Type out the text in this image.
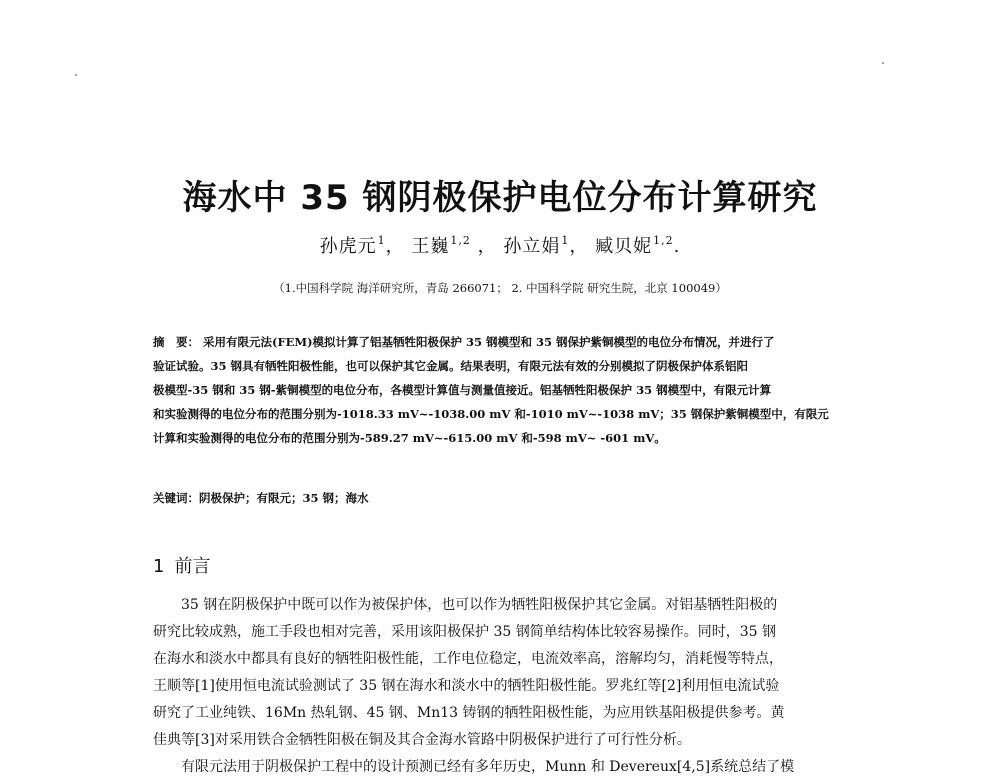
海水中 35 钢阴极保护电位分布计算研究
孙虎元$^1$， 王巍$^{1,2}$ ， 孙立娟$^1$， 臧贝妮$^{1,2}$.
（1.中国科学院 海洋研究所，青岛 266071； 2. 中国科学院 研究生院，北京 100049）
摘　要： 采用有限元法(FEM)模拟计算了铝基牺牲阳极保护 35 钢模型和 35 钢保护紫铜模型的电位分布情况，并进行了
验证试验。35 钢具有牺牲阳极性能，也可以保护其它金属。结果表明，有限元法有效的分别模拟了阴极保护体系铝阳
极模型-35 钢和 35 钢-紫铜模型的电位分布，各模型计算值与测量值接近。铝基牺牲阳极保护 35 钢模型中，有限元计算
和实验测得的电位分布的范围分别为-1018.33 mV~-1038.00 mV 和-1010 mV~-1038 mV；35 钢保护紫铜模型中，有限元
计算和实验测得的电位分布的范围分别为-589.27 mV~-615.00 mV 和-598 mV~ -601 mV。
关键词：阴极保护；有限元；35 钢；海水
1 前言
35 钢在阴极保护中既可以作为被保护体，也可以作为牺牲阳极保护其它金属。对铝基牺牲阳极的
研究比较成熟，施工手段也相对完善，采用该阳极保护 35 钢简单结构体比较容易操作。同时，35 钢
在海水和淡水中都具有良好的牺牲阳极性能，工作电位稳定，电流效率高，溶解均匀，消耗慢等特点，
王顺等[1]使用恒电流试验测试了 35 钢在海水和淡水中的牺牲阳极性能。罗兆红等[2]利用恒电流试验
研究了工业纯铁、16Mn 热轧钢、45 钢、Mn13 铸钢的牺牲阳极性能，为应用铁基阳极提供参考。黄
佳典等[3]对采用铁合金牺牲阳极在铜及其合金海水管路中阴极保护进行了可行性分析。
有限元法用于阴极保护工程中的设计预测已经有多年历史，Munn 和 Devereux[4,5]系统总结了模
